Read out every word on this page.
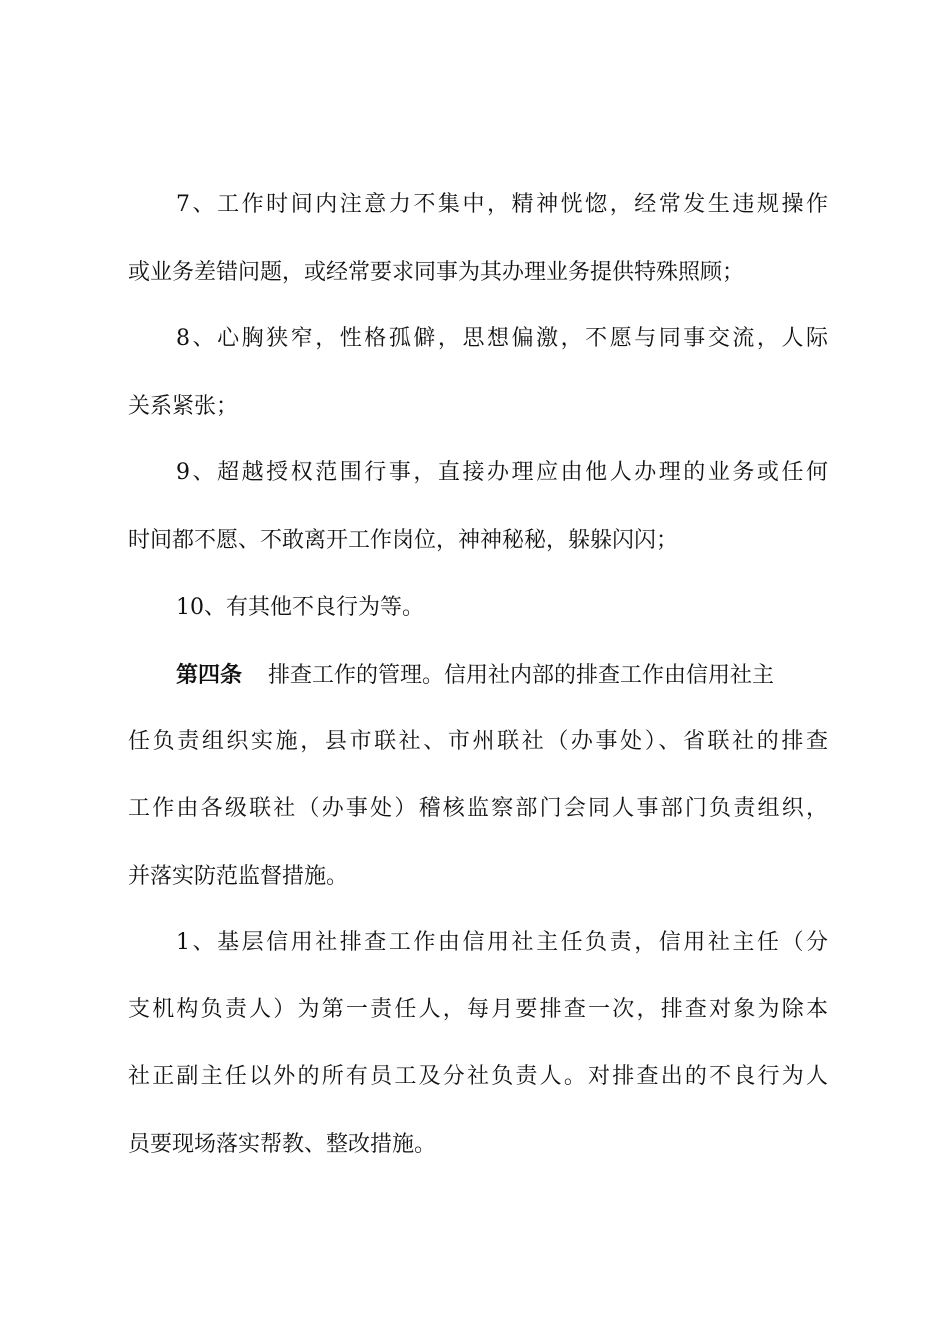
7、工作时间内注意力不集中，精神恍惚，经常发生违规操作
或业务差错问题，或经常要求同事为其办理业务提供特殊照顾；
8、心胸狭窄，性格孤僻，思想偏激，不愿与同事交流，人际
关系紧张；
9、超越授权范围行事，直接办理应由他人办理的业务或任何
时间都不愿、不敢离开工作岗位，神神秘秘，躲躲闪闪；
10、有其他不良行为等。
第四条 排查工作的管理。信用社内部的排查工作由信用社主
任负责组织实施，县市联社、市州联社（办事处）、省联社的排查
工作由各级联社（办事处）稽核监察部门会同人事部门负责组织，
并落实防范监督措施。
1、基层信用社排查工作由信用社主任负责，信用社主任（分
支机构负责人）为第一责任人，每月要排查一次，排查对象为除本
社正副主任以外的所有员工及分社负责人。对排查出的不良行为人
员要现场落实帮教、整改措施。
